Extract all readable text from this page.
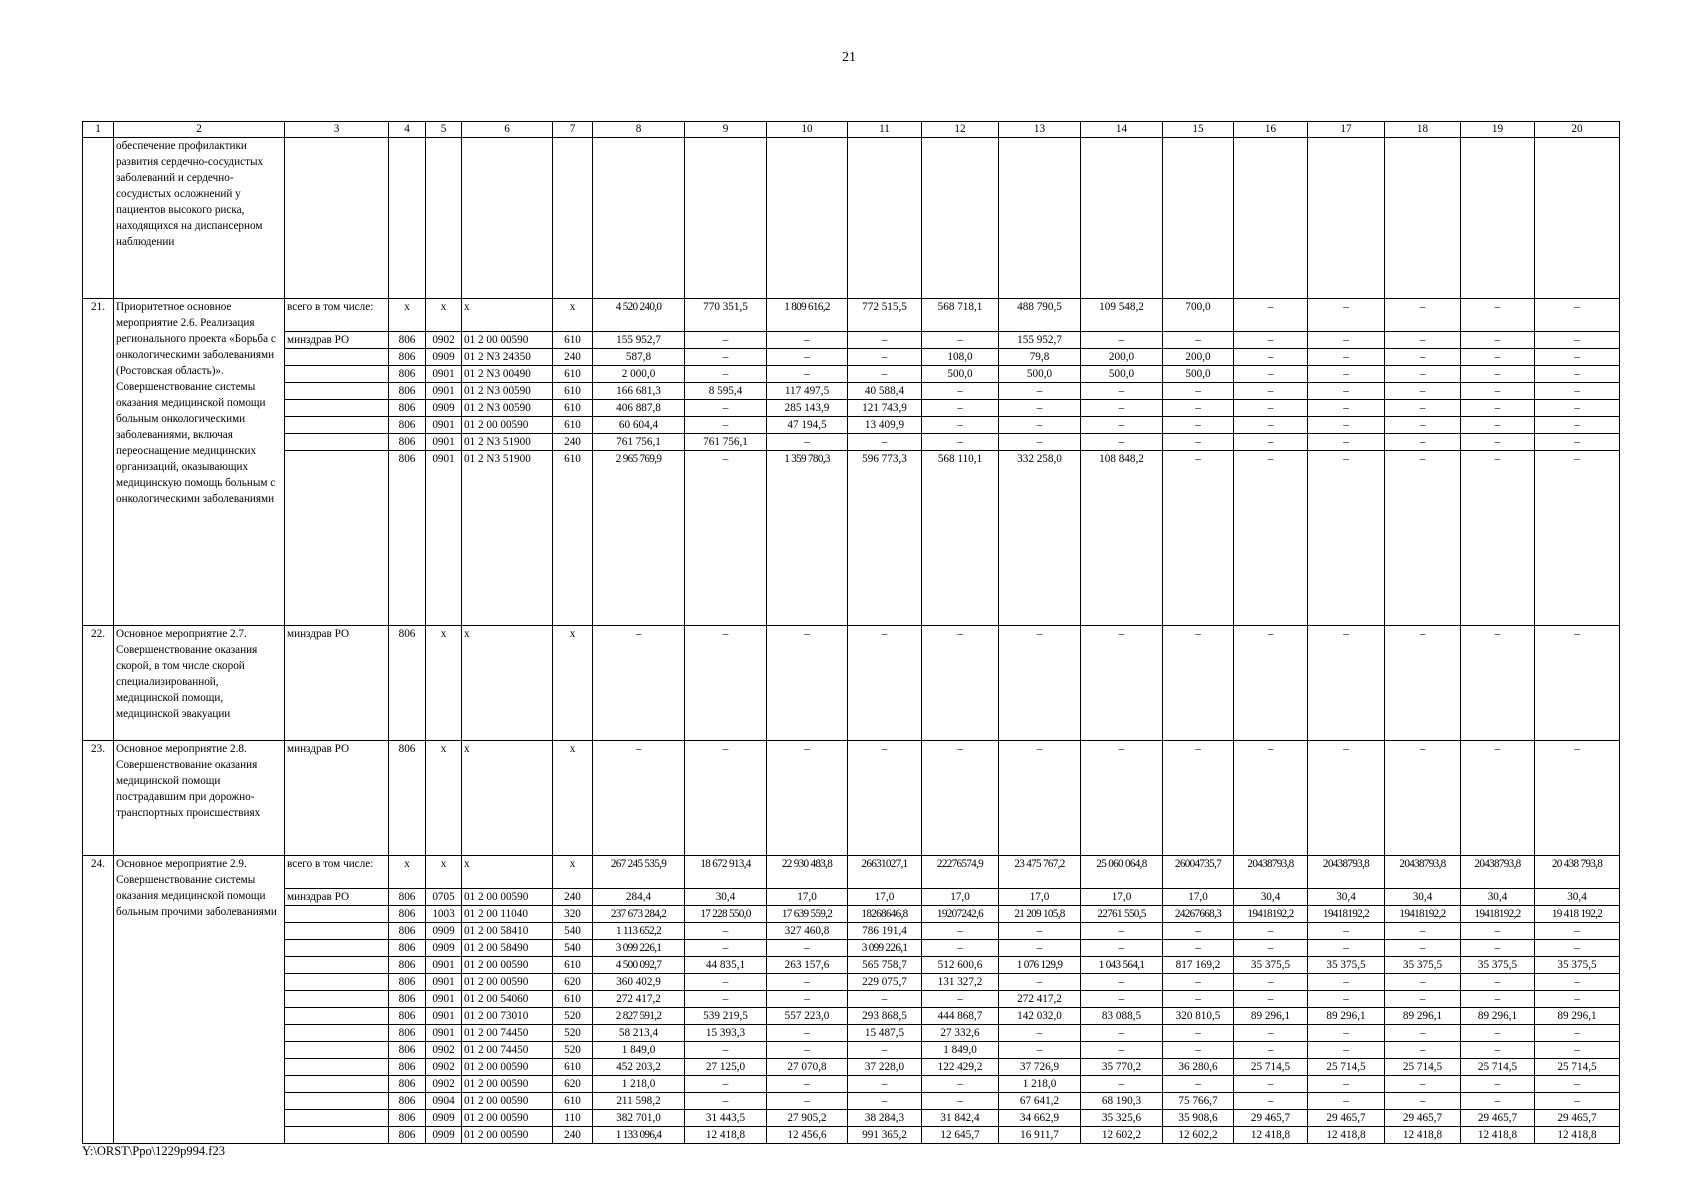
21
1	2	3	4	5	6	7	8	9	10	11	12	13	14	15	16	17	18	19	20
	обеспечение профилактики развития сердечно-сосудистых заболеваний и сердечно-сосудистых осложнений у пациентов высокого риска, находящихся на диспансерном наблюдении																		
21.	Приоритетное основное мероприятие 2.6. Реализация регионального проекта «Борьба с онкологическими заболеваниями (Ростовская область)». Совершенствование системы оказания медицинской помощи больным онкологическими заболеваниями, включая переоснащение медицинских организаций, оказывающих медицинскую помощь больным с онкологическими заболеваниями	всего в том числе:	x	x	x	x	4 520 240,0	770 351,5	1 809 616,2	772 515,5	568 718,1	488 790,5	109 548,2	700,0	–	–	–	–	–
		минздрав РО	806	0902	01 2 00 00590	610	155 952,7	–	–	–	–	155 952,7	–	–	–	–	–	–	–
			806	0909	01 2 N3 24350	240	587,8	–	–	–	108,0	79,8	200,0	200,0	–	–	–	–	–
			806	0901	01 2 N3 00490	610	2 000,0	–	–	–	500,0	500,0	500,0	500,0	–	–	–	–	–
			806	0901	01 2 N3 00590	610	166 681,3	8 595,4	117 497,5	40 588,4	–	–	–	–	–	–	–	–	–
			806	0909	01 2 N3 00590	610	406 887,8	–	285 143,9	121 743,9	–	–	–	–	–	–	–	–	–
			806	0901	01 2 00 00590	610	60 604,4	–	47 194,5	13 409,9	–	–	–	–	–	–	–	–	–
			806	0901	01 2 N3 51900	240	761 756,1	761 756,1	–	–	–	–	–	–	–	–	–	–	–
			806	0901	01 2 N3 51900	610	2 965 769,9	–	1 359 780,3	596 773,3	568 110,1	332 258,0	108 848,2	–	–	–	–	–	–
22.	Основное мероприятие 2.7. Совершенствование оказания скорой, в том числе скорой специализированной, медицинской помощи, медицинской эвакуации	минздрав РО	806	x	x	x	–	–	–	–	–	–	–	–	–	–	–	–	–
23.	Основное мероприятие 2.8. Совершенствование оказания медицинской помощи пострадавшим при дорожно-транспортных происшествиях	минздрав РО	806	x	x	x	–	–	–	–	–	–	–	–	–	–	–	–	–
24.	Основное мероприятие 2.9. Совершенствование системы оказания медицинской помощи больным прочими заболеваниями	всего в том числе:	x	x	x	x	267 245 535,9	18 672 913,4	22 930 483,8	26631027,1	22276574,9	23 475 767,2	25 060 064,8	26004735,7	20438793,8	20438793,8	20438793,8	20438793,8	20 438 793,8
		минздрав РО	806	0705	01 2 00 00590	240	284,4	30,4	17,0	17,0	17,0	17,0	17,0	17,0	30,4	30,4	30,4	30,4	30,4
			806	1003	01 2 00 11040	320	237 673 284,2	17 228 550,0	17 639 559,2	18268646,8	19207242,6	21 209 105,8	22761 550,5	24267668,3	19418192,2	19418192,2	19418192,2	19418192,2	19 418 192,2
			806	0909	01 2 00 58410	540	1 113 652,2	–	327 460,8	786 191,4	–	–	–	–	–	–	–	–	–
			806	0909	01 2 00 58490	540	3 099 226,1	–	–	3 099 226,1	–	–	–	–	–	–	–	–	–
			806	0901	01 2 00 00590	610	4 500 092,7	44 835,1	263 157,6	565 758,7	512 600,6	1 076 129,9	1 043 564,1	817 169,2	35 375,5	35 375,5	35 375,5	35 375,5	35 375,5
			806	0901	01 2 00 00590	620	360 402,9	–	–	229 075,7	131 327,2	–	–	–	–	–	–	–	–
			806	0901	01 2 00 54060	610	272 417,2	–	–	–	–	272 417,2	–	–	–	–	–	–	–
			806	0901	01 2 00 73010	520	2 827 591,2	539 219,5	557 223,0	293 868,5	444 868,7	142 032,0	83 088,5	320 810,5	89 296,1	89 296,1	89 296,1	89 296,1	89 296,1
			806	0901	01 2 00 74450	520	58 213,4	15 393,3	–	15 487,5	27 332,6	–	–	–	–	–	–	–	–
			806	0902	01 2 00 74450	520	1 849,0	–	–	–	1 849,0	–	–	–	–	–	–	–	–
			806	0902	01 2 00 00590	610	452 203,2	27 125,0	27 070,8	37 228,0	122 429,2	37 726,9	35 770,2	36 280,6	25 714,5	25 714,5	25 714,5	25 714,5	25 714,5
			806	0902	01 2 00 00590	620	1 218,0	–	–	–	–	1 218,0	–	–	–	–	–	–	–
			806	0904	01 2 00 00590	610	211 598,2	–	–	–	–	67 641,2	68 190,3	75 766,7	–	–	–	–	–
			806	0909	01 2 00 00590	110	382 701,0	31 443,5	27 905,2	38 284,3	31 842,4	34 662,9	35 325,6	35 908,6	29 465,7	29 465,7	29 465,7	29 465,7	29 465,7
			806	0909	01 2 00 00590	240	1 133 096,4	12 418,8	12 456,6	991 365,2	12 645,7	16 911,7	12 602,2	12 602,2	12 418,8	12 418,8	12 418,8	12 418,8	12 418,8
Y:\ORST\Ppo\1229p994.f23
